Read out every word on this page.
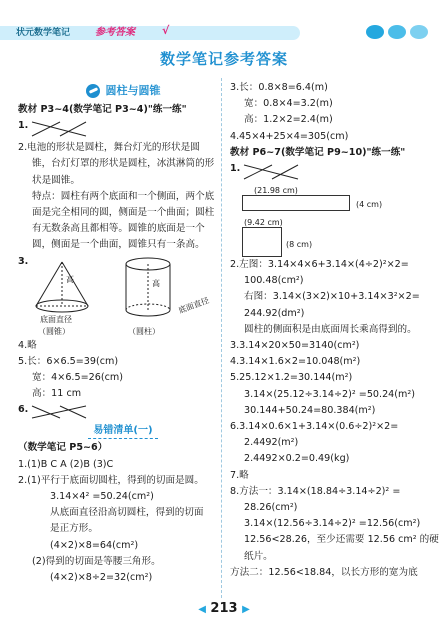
状元数学笔记 参考答案 √
数学笔记参考答案
圆柱与圆锥
教材 P3~4(数学笔记 P3~4)"练一练"
1.
2.电池的形状是圆柱，舞台灯光的形状是圆
锥，台灯灯罩的形状是圆柱，冰淇淋筒的形
状是圆锥。
特点：圆柱有两个底面和一个侧面，两个底
面是完全相同的圆，侧面是一个曲面；圆柱
有无数条高且都相等。圆锥的底面是一个
圆，侧面是一个曲面，圆锥只有一条高。
3.
高
底面直径
（圆锥）
高
底面直径
（圆柱）
4.略
5.长：6×6.5=39(cm)
宽：4×6.5=26(cm)
高：11 cm
6.
易错清单(一)
（数学笔记 P5~6）
1.(1)B C A (2)B (3)C
2.(1)平行于底面切圆柱，得到的切面是圆。
3.14×4² =50.24(cm²)
从底面直径沿高切圆柱，得到的切面
是正方形。
(4×2)×8=64(cm²)
(2)得到的切面是等腰三角形。
(4×2)×8÷2=32(cm²)
3.长：0.8×8=6.4(m)
宽：0.8×4=3.2(m)
高：1.2×2=2.4(m)
4.45×4+25×4=305(cm)
教材 P6~7(数学笔记 P9~10)"练一练"
1.
(21.98 cm)
(4 cm)
(9.42 cm)
(8 cm)
2.左图：3.14×4×6+3.14×(4÷2)²×2=
100.48(cm²)
右图：3.14×(3×2)×10+3.14×3²×2=
244.92(dm²)
圆柱的侧面积是由底面周长乘高得到的。
3.3.14×20×50=3140(cm²)
4.3.14×1.6×2=10.048(m²)
5.25.12×1.2=30.144(m²)
3.14×(25.12÷3.14÷2)² =50.24(m²)
30.144+50.24=80.384(m²)
6.3.14×0.6×1+3.14×(0.6÷2)²×2=
2.4492(m²)
2.4492×0.2=0.49(kg)
7.略
8.方法一：3.14×(18.84÷3.14÷2)² =
28.26(cm²)
3.14×(12.56÷3.14÷2)² =12.56(cm²)
12.56<28.26，至少还需要 12.56 cm² 的硬
纸片。
方法二：12.56<18.84，以长方形的宽为底
◀ 213 ▶
